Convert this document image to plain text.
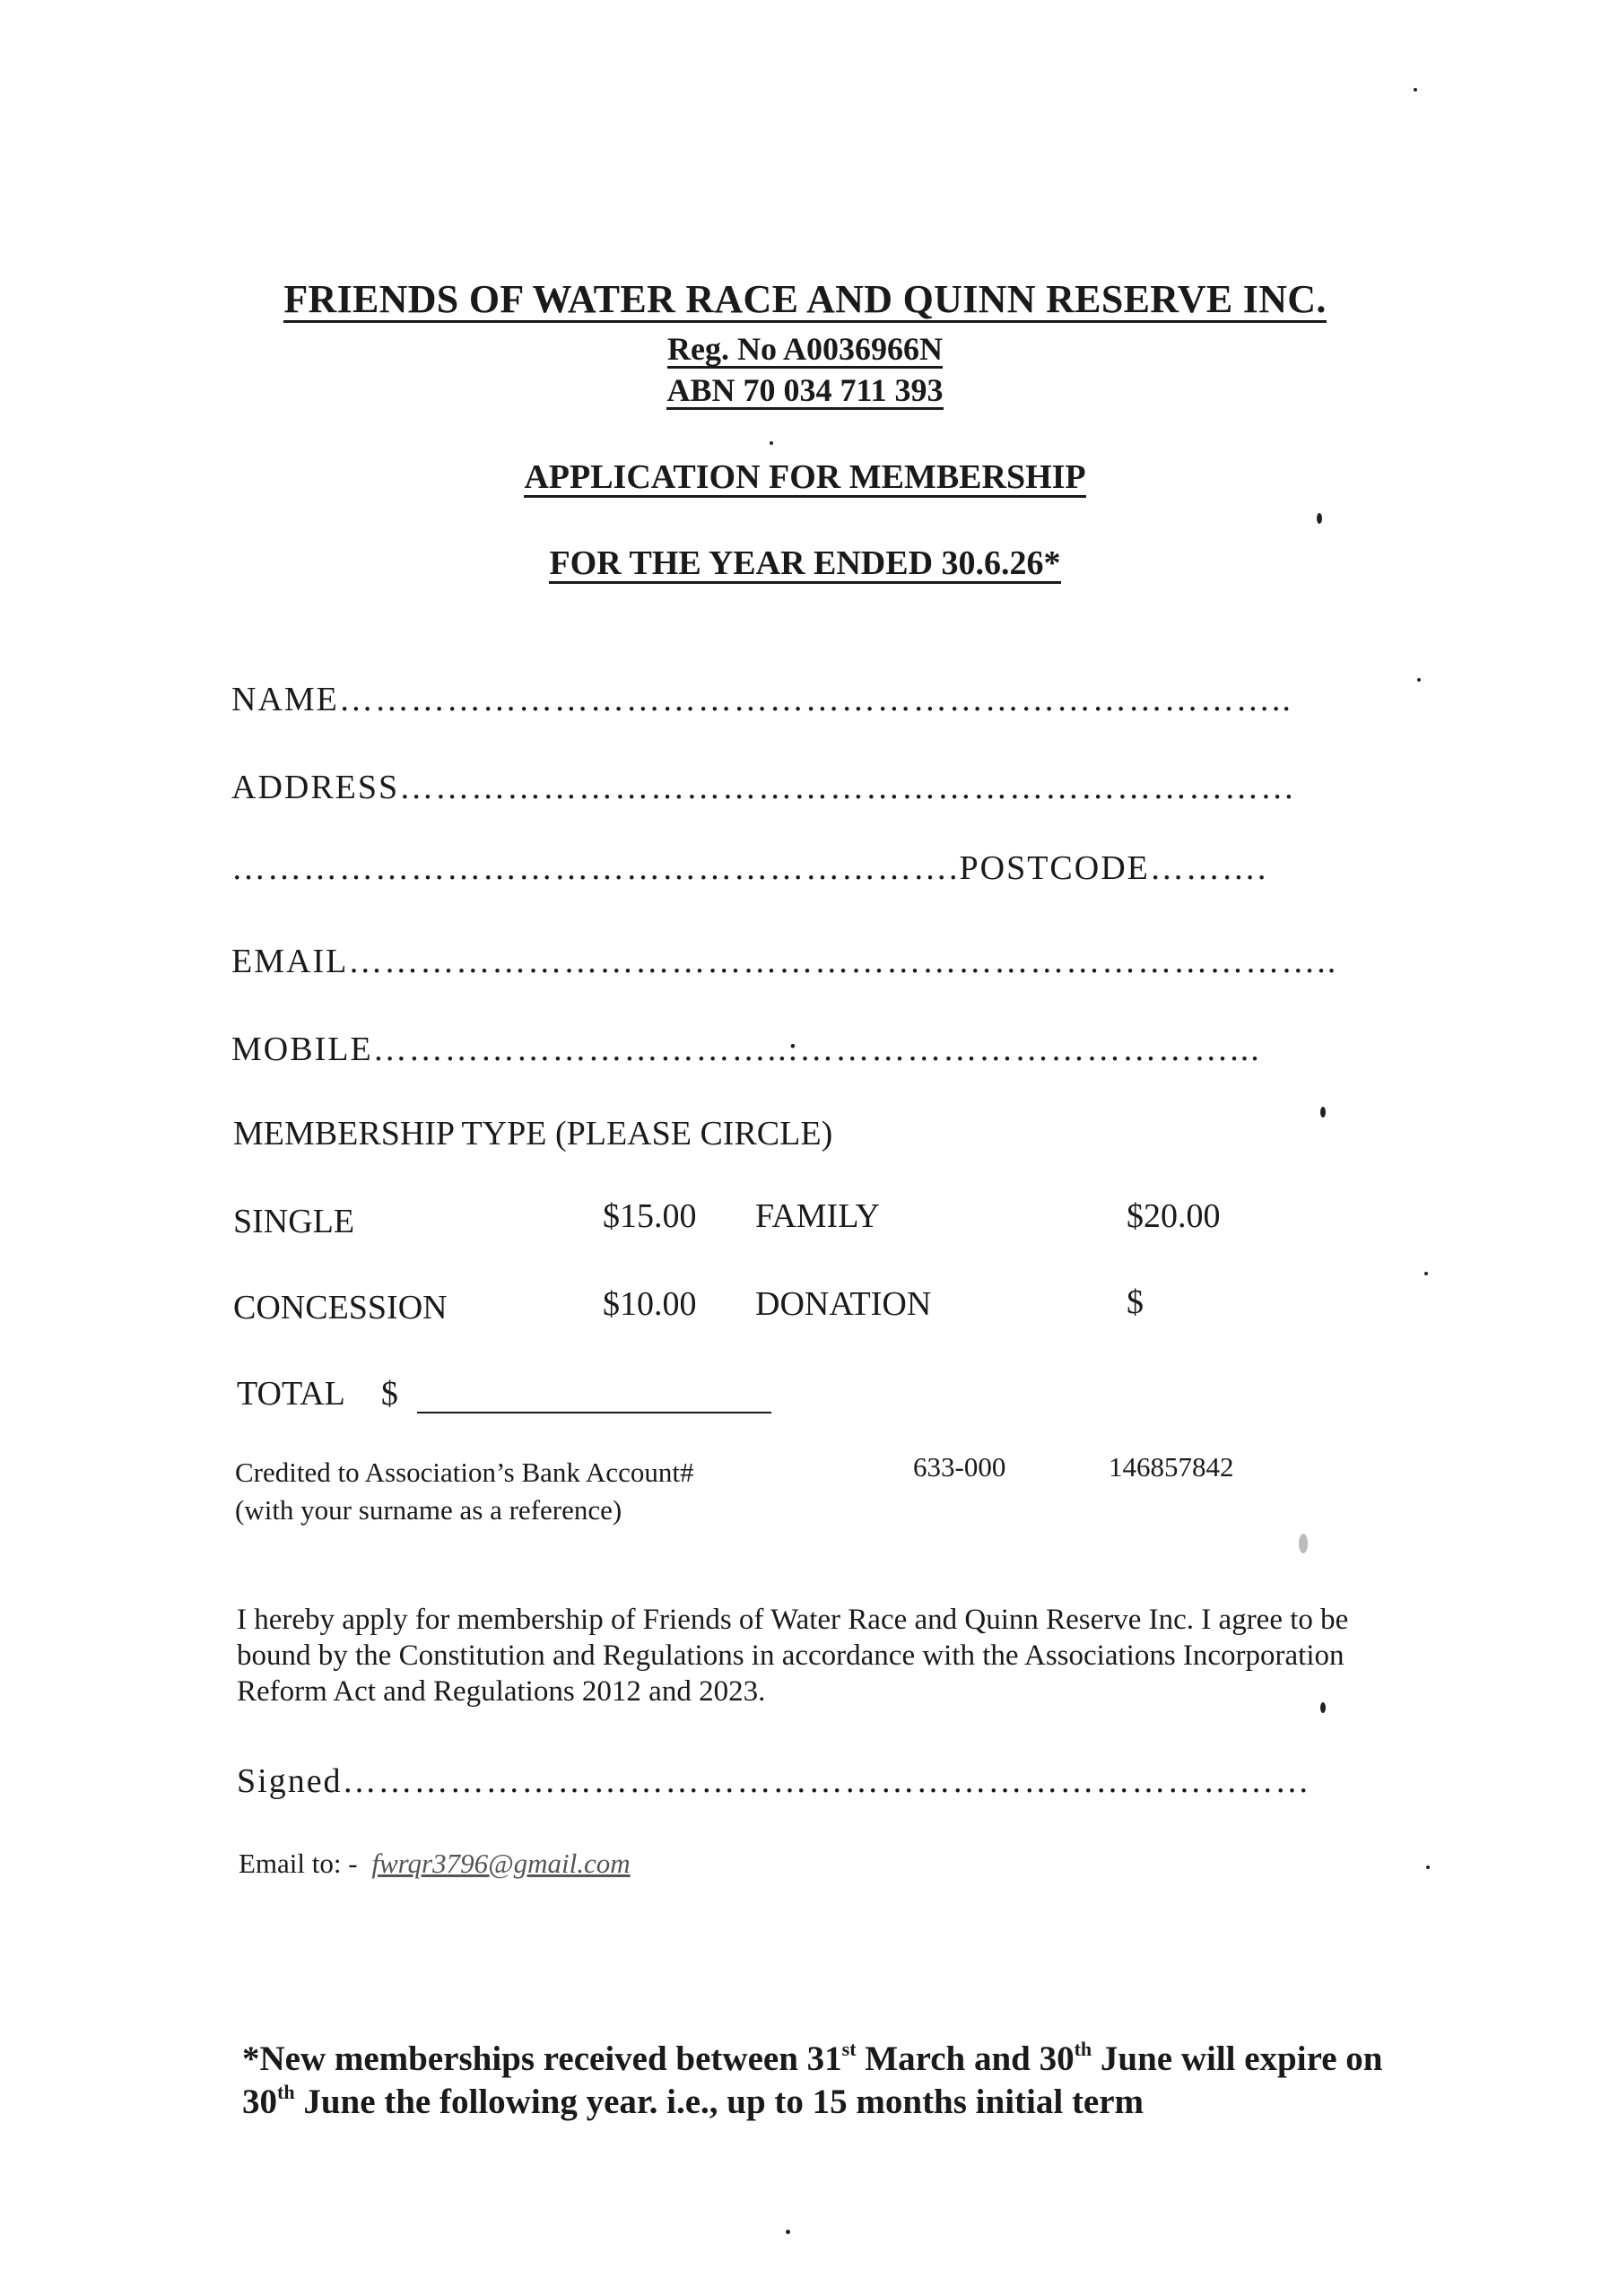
FRIENDS OF WATER RACE AND QUINN RESERVE INC.
Reg. No A0036966N
ABN 70 034 711 393
APPLICATION FOR MEMBERSHIP
FOR THE YEAR ENDED 30.6.26*
NAME……………………………………………………………………..
ADDRESS…………………………………………………………………
…………………………………………………….POSTCODE……….
EMAIL………………………………………………………………………..
MOBILE……………………………..:………………………………...
MEMBERSHIP TYPE (PLEASE CIRCLE)
SINGLE	$15.00 FAMILY	$20.00
CONCESSION	$10.00 DONATION	$
TOTAL $
Credited to Association’s Bank Account#	633-000	146857842
(with your surname as a reference)
I hereby apply for membership of Friends of Water Race and Quinn Reserve Inc. I agree to be bound by the Constitution and Regulations in accordance with the Associations Incorporation Reform Act and Regulations 2012 and 2023.
Signed………………………………………………………………………
Email to: - fwrqr3796@gmail.com
*New memberships received between 31st March and 30th June will expire on 30th June the following year. i.e., up to 15 months initial term
